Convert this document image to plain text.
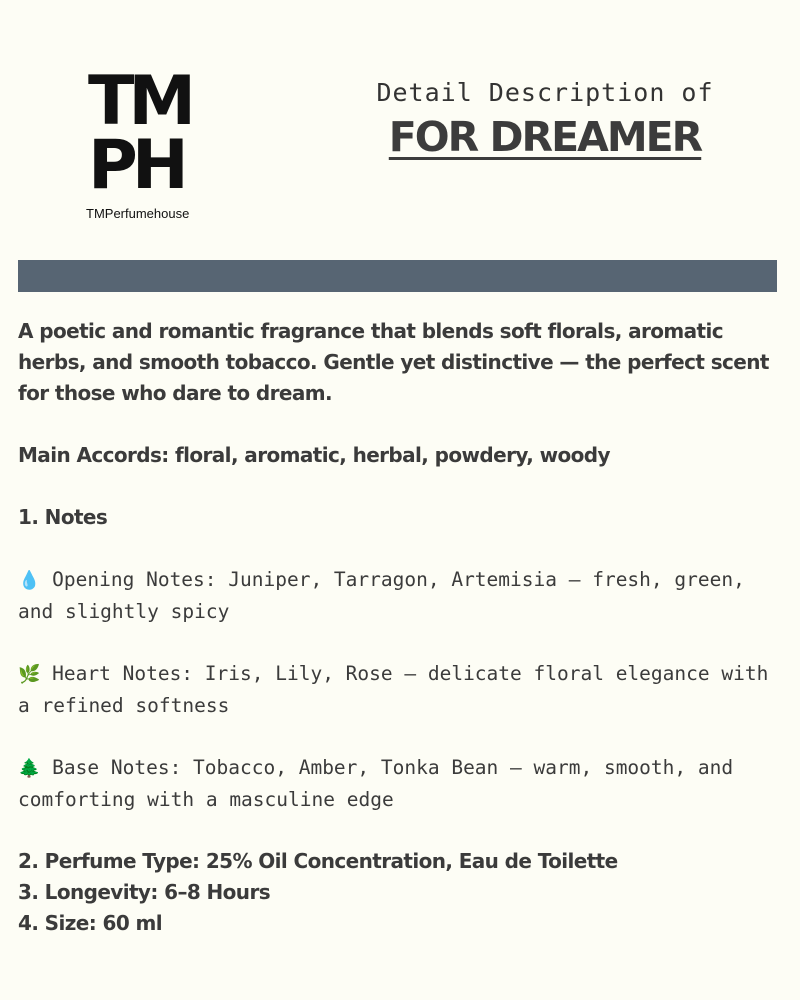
TM
PH
TMPerfumehouse
Detail Description of
FOR DREAMER
A poetic and romantic fragrance that blends soft florals, aromatic herbs, and smooth tobacco. Gentle yet distinctive — the perfect scent for those who dare to dream.
Main Accords: floral, aromatic, herbal, powdery, woody
1. Notes
💧 Opening Notes: Juniper, Tarragon, Artemisia – fresh, green, and slightly spicy
🌿 Heart Notes: Iris, Lily, Rose – delicate floral elegance with a refined softness
🌲 Base Notes: Tobacco, Amber, Tonka Bean – warm, smooth, and comforting with a masculine edge
2. Perfume Type: 25% Oil Concentration, Eau de Toilette
3. Longevity: 6–8 Hours
4. Size: 60 ml
